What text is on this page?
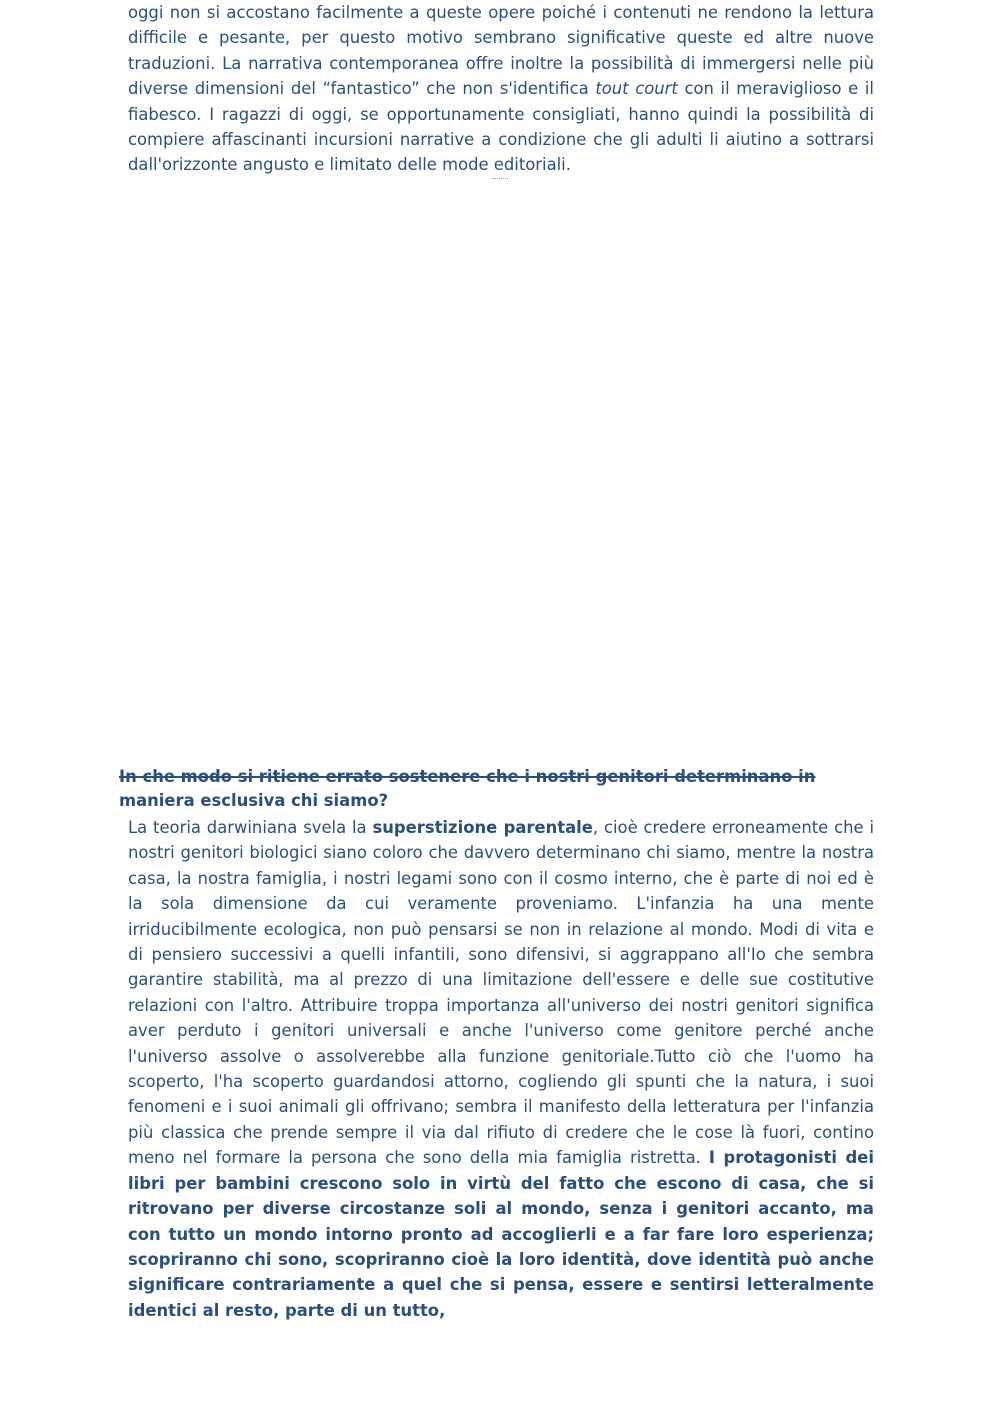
oggi non si accostano facilmente a queste opere poiché i contenuti ne rendono la lettura difficile e pesante, per questo motivo sembrano significative queste ed altre nuove traduzioni. La narrativa contemporanea offre inoltre la possibilità di immergersi nelle più diverse dimensioni del “fantastico” che non s'identifica tout court con il meraviglioso e il fiabesco. I ragazzi di oggi, se opportunamente consigliati, hanno quindi la possibilità di compiere affascinanti incursioni narrative a condizione che gli adulti li aiutino a sottrarsi dall'orizzonte angusto e limitato delle mode editoriali.

In che modo si ritiene errato sostenere che i nostri genitori determinano in maniera esclusiva chi siamo?

La teoria darwiniana svela la superstizione parentale, cioè credere erroneamente che i nostri genitori biologici siano coloro che davvero determinano chi siamo, mentre la nostra casa, la nostra famiglia, i nostri legami sono con il cosmo interno, che è parte di noi ed è la sola dimensione da cui veramente proveniamo. L'infanzia ha una mente irriducibilmente ecologica, non può pensarsi se non in relazione al mondo. Modi di vita e di pensiero successivi a quelli infantili, sono difensivi, si aggrappano all'Io che sembra garantire stabilità, ma al prezzo di una limitazione dell'essere e delle sue costitutive relazioni con l'altro. Attribuire troppa importanza all'universo dei nostri genitori significa aver perduto i genitori universali e anche l'universo come genitore perché anche l'universo assolve o assolverebbe alla funzione genitoriale.Tutto ciò che l'uomo ha scoperto, l'ha scoperto guardandosi attorno, cogliendo gli spunti che la natura, i suoi fenomeni e i suoi animali gli offrivano; sembra il manifesto della letteratura per l'infanzia più classica che prende sempre il via dal rifiuto di credere che le cose là fuori, contino meno nel formare la persona che sono della mia famiglia ristretta. I protagonisti dei libri per bambini crescono solo in virtù del fatto che escono di casa, che si ritrovano per diverse circostanze soli al mondo, senza i genitori accanto, ma con tutto un mondo intorno pronto ad accoglierli e a far fare loro esperienza; scopriranno chi sono, scopriranno cioè la loro identità, dove identità può anche significare contrariamente a quel che si pensa, essere e sentirsi letteralmente identici al resto, parte di un tutto,
